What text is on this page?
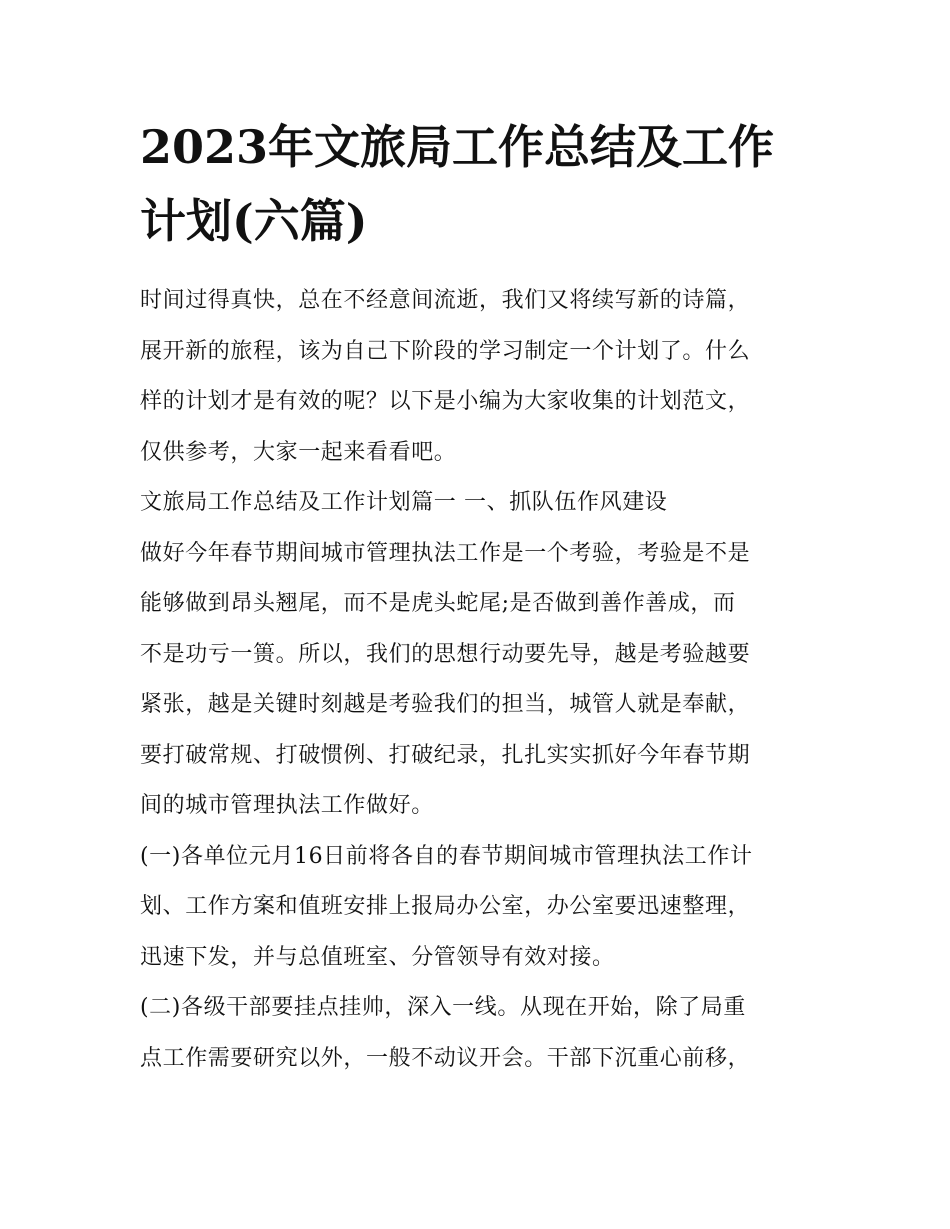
2023年文旅局工作总结及工作
计划(六篇)

时间过得真快，总在不经意间流逝，我们又将续写新的诗篇，
展开新的旅程，该为自己下阶段的学习制定一个计划了。什么
样的计划才是有效的呢？以下是小编为大家收集的计划范文，
仅供参考，大家一起来看看吧。

文旅局工作总结及工作计划篇一 一、抓队伍作风建设

做好今年春节期间城市管理执法工作是一个考验，考验是不是
能够做到昂头翘尾，而不是虎头蛇尾;是否做到善作善成，而
不是功亏一篑。所以，我们的思想行动要先导，越是考验越要
紧张，越是关键时刻越是考验我们的担当，城管人就是奉献，
要打破常规、打破惯例、打破纪录，扎扎实实抓好今年春节期
间的城市管理执法工作做好。

(一)各单位元月16日前将各自的春节期间城市管理执法工作计
划、工作方案和值班安排上报局办公室，办公室要迅速整理，
迅速下发，并与总值班室、分管领导有效对接。

(二)各级干部要挂点挂帅，深入一线。从现在开始，除了局重
点工作需要研究以外，一般不动议开会。干部下沉重心前移，
